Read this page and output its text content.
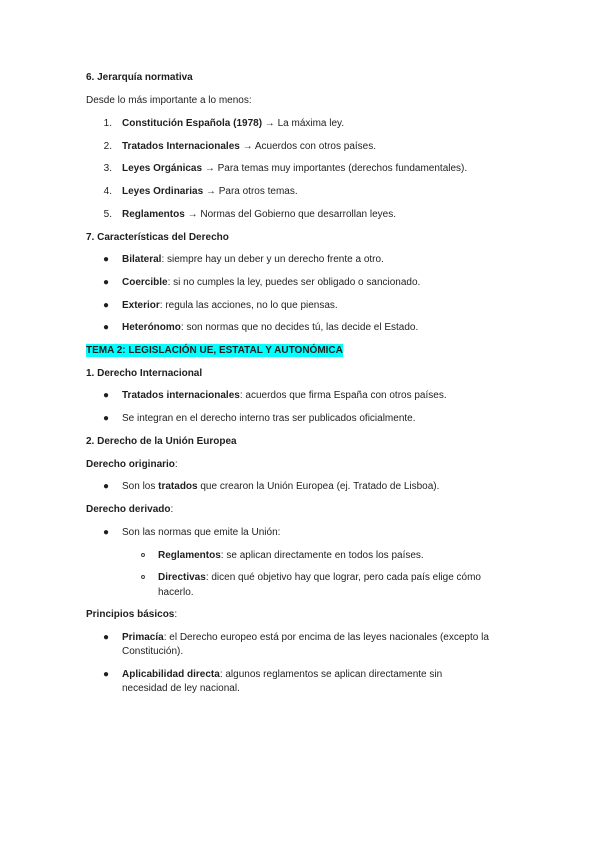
6. Jerarquía normativa
Desde lo más importante a lo menos:
1. Constitución Española (1978) → La máxima ley.
2. Tratados Internacionales → Acuerdos con otros países.
3. Leyes Orgánicas → Para temas muy importantes (derechos fundamentales).
4. Leyes Ordinarias → Para otros temas.
5. Reglamentos → Normas del Gobierno que desarrollan leyes.
7. Características del Derecho
● Bilateral: siempre hay un deber y un derecho frente a otro.
● Coercible: si no cumples la ley, puedes ser obligado o sancionado.
● Exterior: regula las acciones, no lo que piensas.
● Heterónomo: son normas que no decides tú, las decide el Estado.
TEMA 2: LEGISLACIÓN UE, ESTATAL Y AUTONÓMICA
1. Derecho Internacional
● Tratados internacionales: acuerdos que firma España con otros países.
● Se integran en el derecho interno tras ser publicados oficialmente.
2. Derecho de la Unión Europea
Derecho originario:
● Son los tratados que crearon la Unión Europea (ej. Tratado de Lisboa).
Derecho derivado:
● Son las normas que emite la Unión:
o Reglamentos: se aplican directamente en todos los países.
o Directivas: dicen qué objetivo hay que lograr, pero cada país elige cómo
hacerlo.
Principios básicos:
● Primacía: el Derecho europeo está por encima de las leyes nacionales (excepto la
Constitución).
● Aplicabilidad directa: algunos reglamentos se aplican directamente sin
necesidad de ley nacional.
